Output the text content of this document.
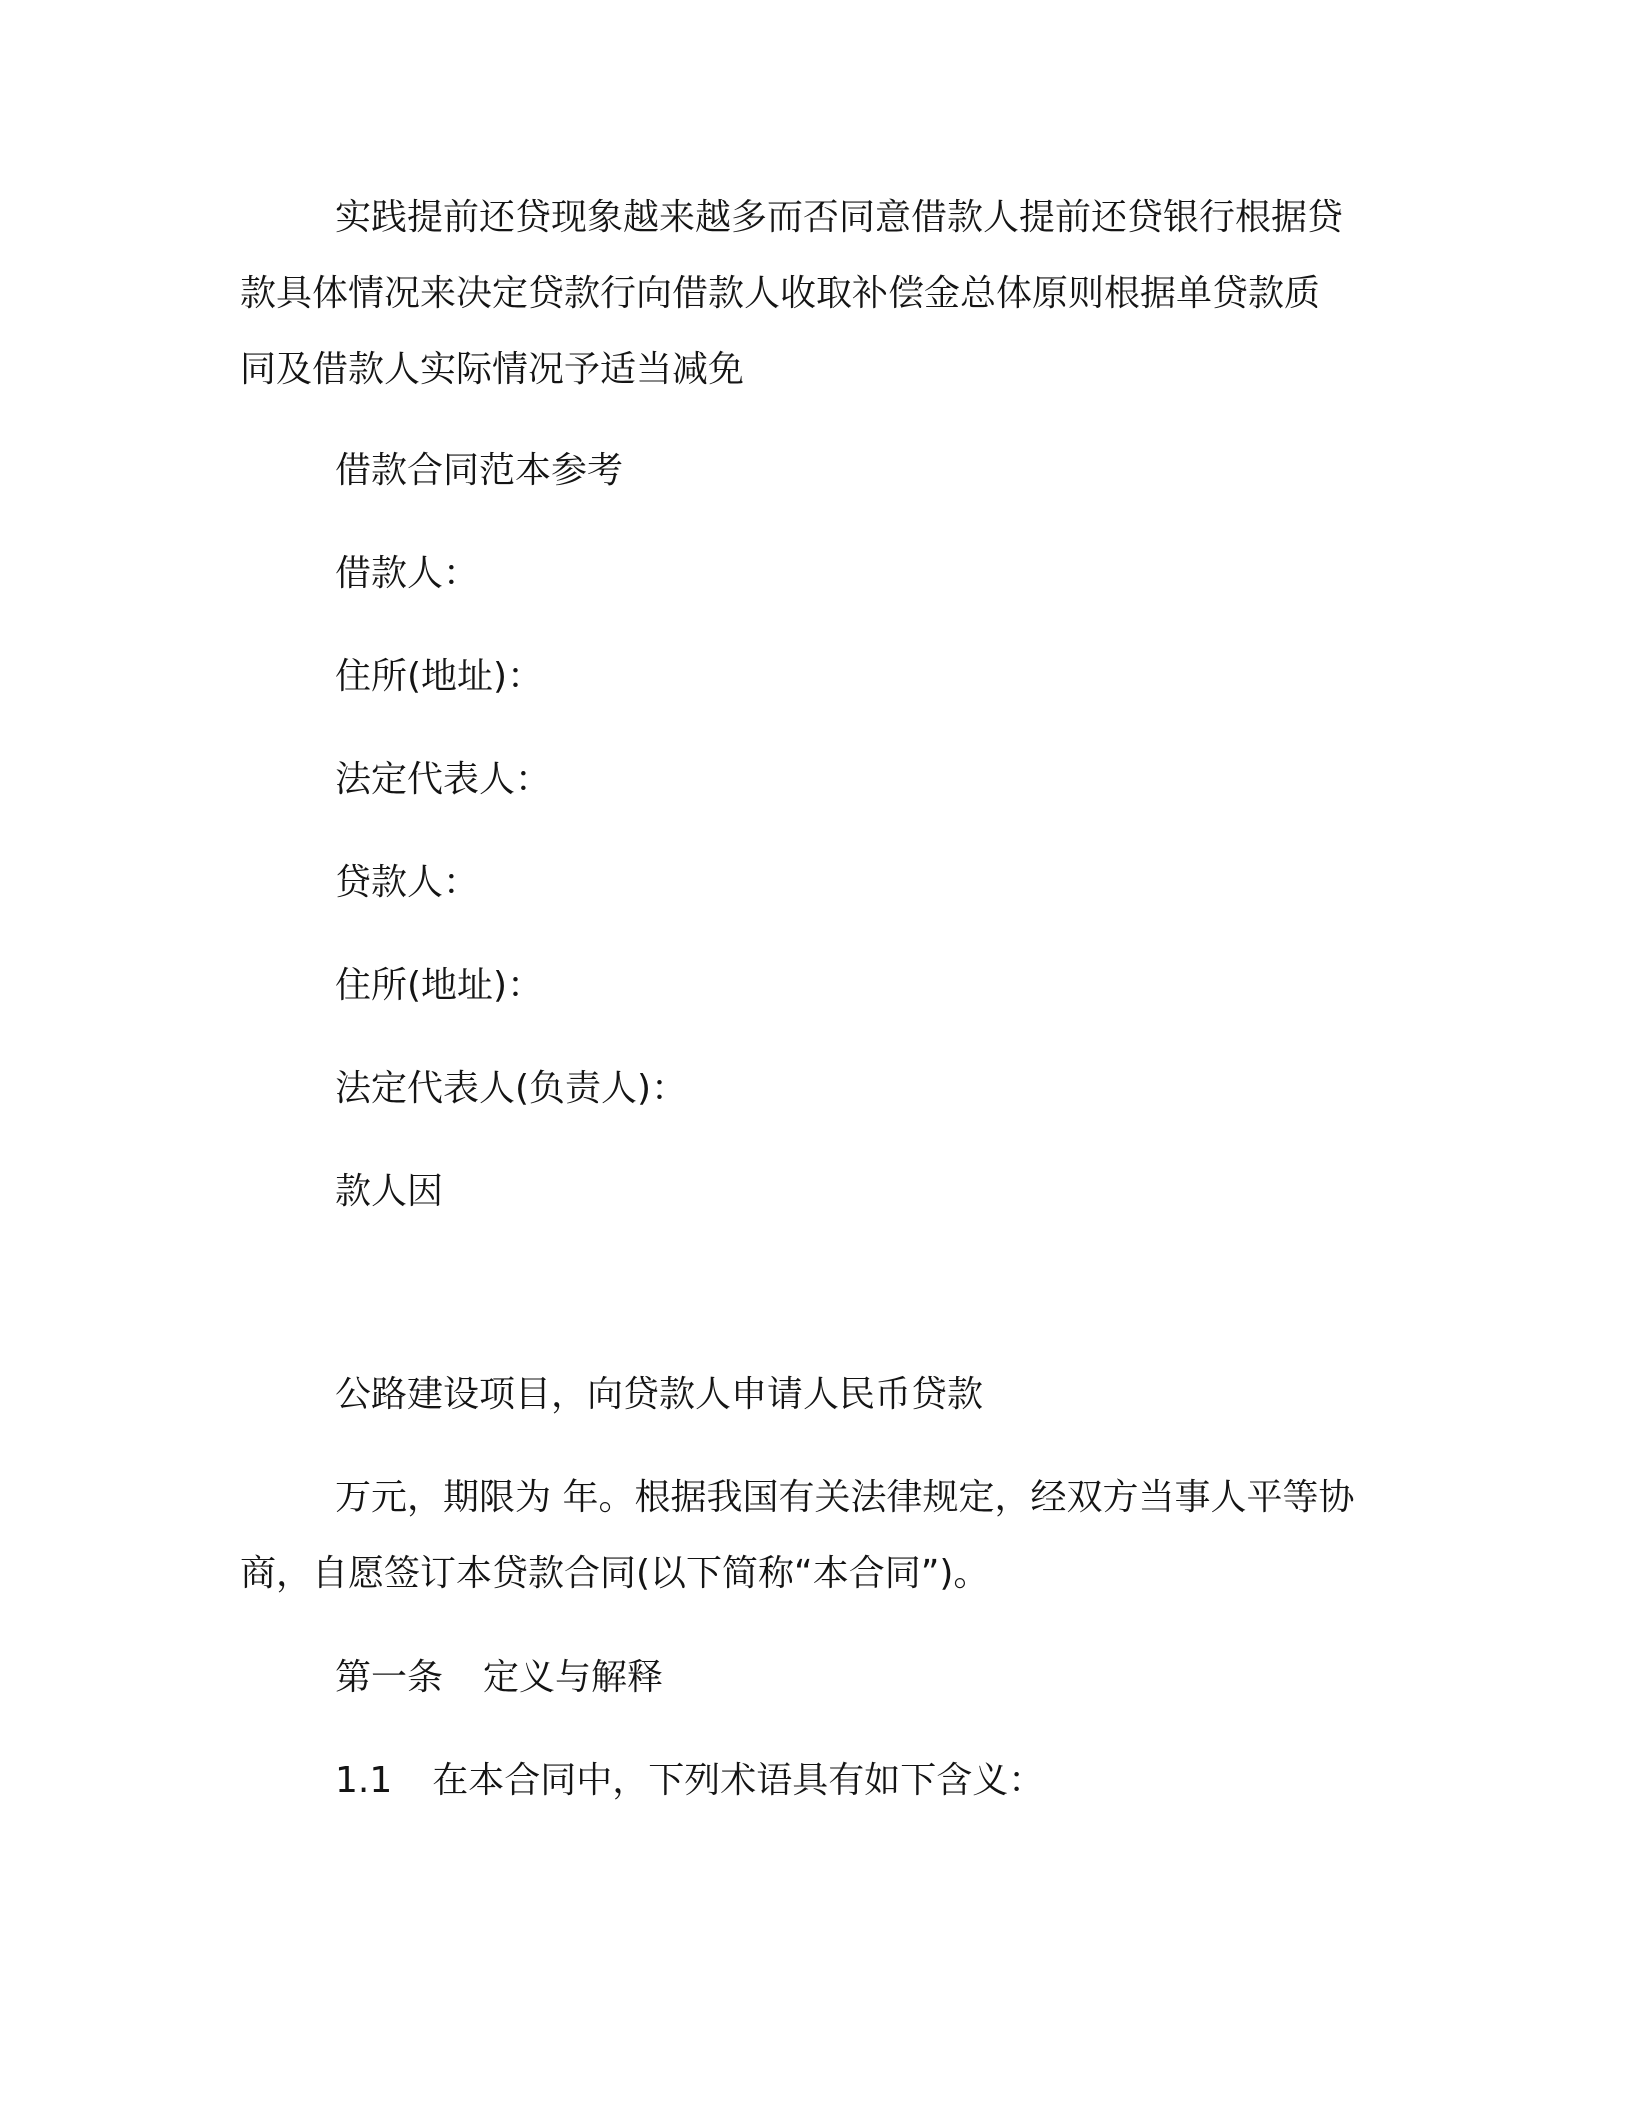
实践提前还贷现象越来越多而否同意借款人提前还贷银行根据贷
款具体情况来决定贷款行向借款人收取补偿金总体原则根据单贷款质
同及借款人实际情况予适当减免

借款合同范本参考

借款人：

住所(地址)：

法定代表人：

贷款人：

住所(地址)：

法定代表人(负责人)：

款人因

公路建设项目，向贷款人申请人民币贷款

万元，期限为 年。根据我国有关法律规定，经双方当事人平等协
商，自愿签订本贷款合同(以下简称“本合同”)。

第一条 定义与解释

1.1 在本合同中，下列术语具有如下含义：
